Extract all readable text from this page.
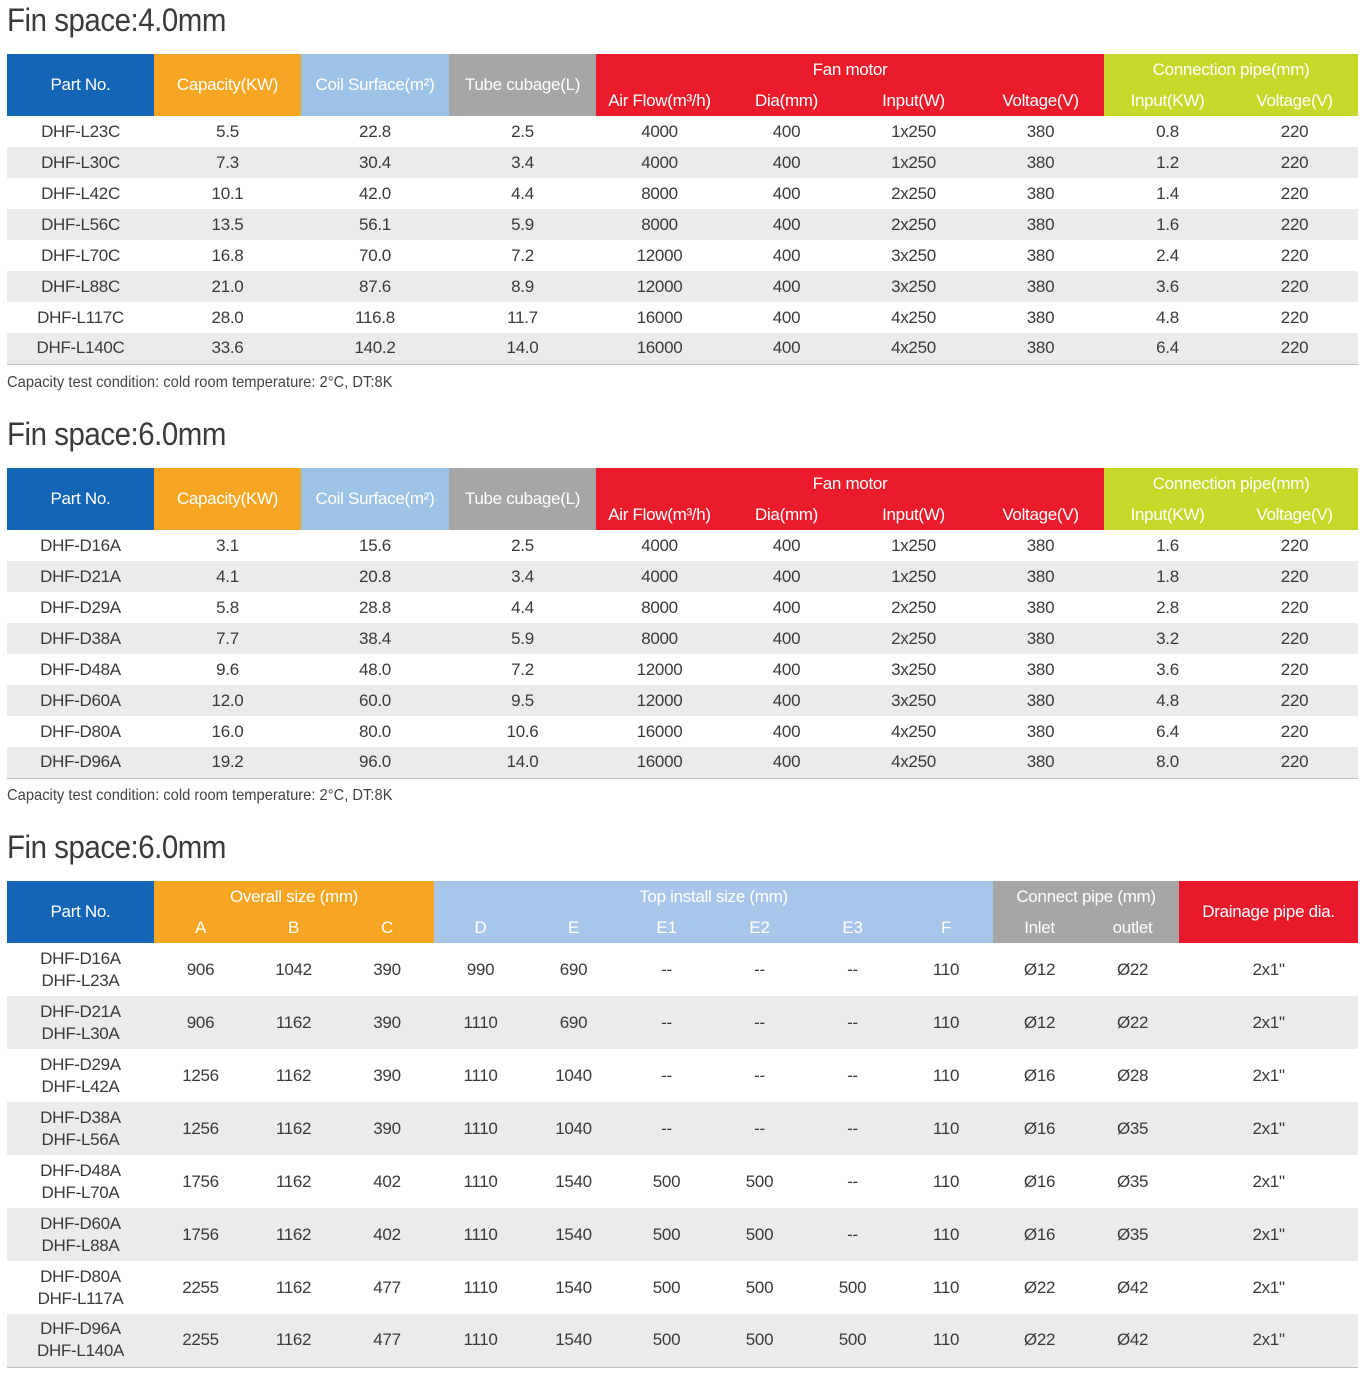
Fin space:4.0mm
Part No.	Capacity(KW)	Coil Surface(m²)	Tube cubage(L)	Fan motor				Connection pipe(mm)	
				Air Flow(m³/h)	Dia(mm)	Input(W)	Voltage(V)	Input(KW)	Voltage(V)
DHF-L23C	5.5	22.8	2.5	4000	400	1x250	380	0.8	220
DHF-L30C	7.3	30.4	3.4	4000	400	1x250	380	1.2	220
DHF-L42C	10.1	42.0	4.4	8000	400	2x250	380	1.4	220
DHF-L56C	13.5	56.1	5.9	8000	400	2x250	380	1.6	220
DHF-L70C	16.8	70.0	7.2	12000	400	3x250	380	2.4	220
DHF-L88C	21.0	87.6	8.9	12000	400	3x250	380	3.6	220
DHF-L117C	28.0	116.8	11.7	16000	400	4x250	380	4.8	220
DHF-L140C	33.6	140.2	14.0	16000	400	4x250	380	6.4	220
Capacity test condition: cold room temperature: 2°C, DT:8K
Fin space:6.0mm
Part No.	Capacity(KW)	Coil Surface(m²)	Tube cubage(L)	Fan motor				Connection pipe(mm)	
				Air Flow(m³/h)	Dia(mm)	Input(W)	Voltage(V)	Input(KW)	Voltage(V)
DHF-D16A	3.1	15.6	2.5	4000	400	1x250	380	1.6	220
DHF-D21A	4.1	20.8	3.4	4000	400	1x250	380	1.8	220
DHF-D29A	5.8	28.8	4.4	8000	400	2x250	380	2.8	220
DHF-D38A	7.7	38.4	5.9	8000	400	2x250	380	3.2	220
DHF-D48A	9.6	48.0	7.2	12000	400	3x250	380	3.6	220
DHF-D60A	12.0	60.0	9.5	12000	400	3x250	380	4.8	220
DHF-D80A	16.0	80.0	10.6	16000	400	4x250	380	6.4	220
DHF-D96A	19.2	96.0	14.0	16000	400	4x250	380	8.0	220
Capacity test condition: cold room temperature: 2°C, DT:8K
Fin space:6.0mm
Part No.	Overall size (mm)			Top install size (mm)						Connect pipe (mm)		Drainage pipe dia.
	A	B	C	D	E	E1	E2	E3	F	Inlet	outlet	

DHF-D16A
DHF-L23A	906	1042	390	990	690	--	--	--	110	Ø12	Ø22	2x1"

DHF-D21A
DHF-L30A	906	1162	390	1110	690	--	--	--	110	Ø12	Ø22	2x1"

DHF-D29A
DHF-L42A	1256	1162	390	1110	1040	--	--	--	110	Ø16	Ø28	2x1"

DHF-D38A
DHF-L56A	1256	1162	390	1110	1040	--	--	--	110	Ø16	Ø35	2x1"

DHF-D48A
DHF-L70A	1756	1162	402	1110	1540	500	500	--	110	Ø16	Ø35	2x1"

DHF-D60A
DHF-L88A	1756	1162	402	1110	1540	500	500	--	110	Ø16	Ø35	2x1"

DHF-D80A
DHF-L117A	2255	1162	477	1110	1540	500	500	500	110	Ø22	Ø42	2x1"

DHF-D96A
DHF-L140A	2255	1162	477	1110	1540	500	500	500	110	Ø22	Ø42	2x1"
